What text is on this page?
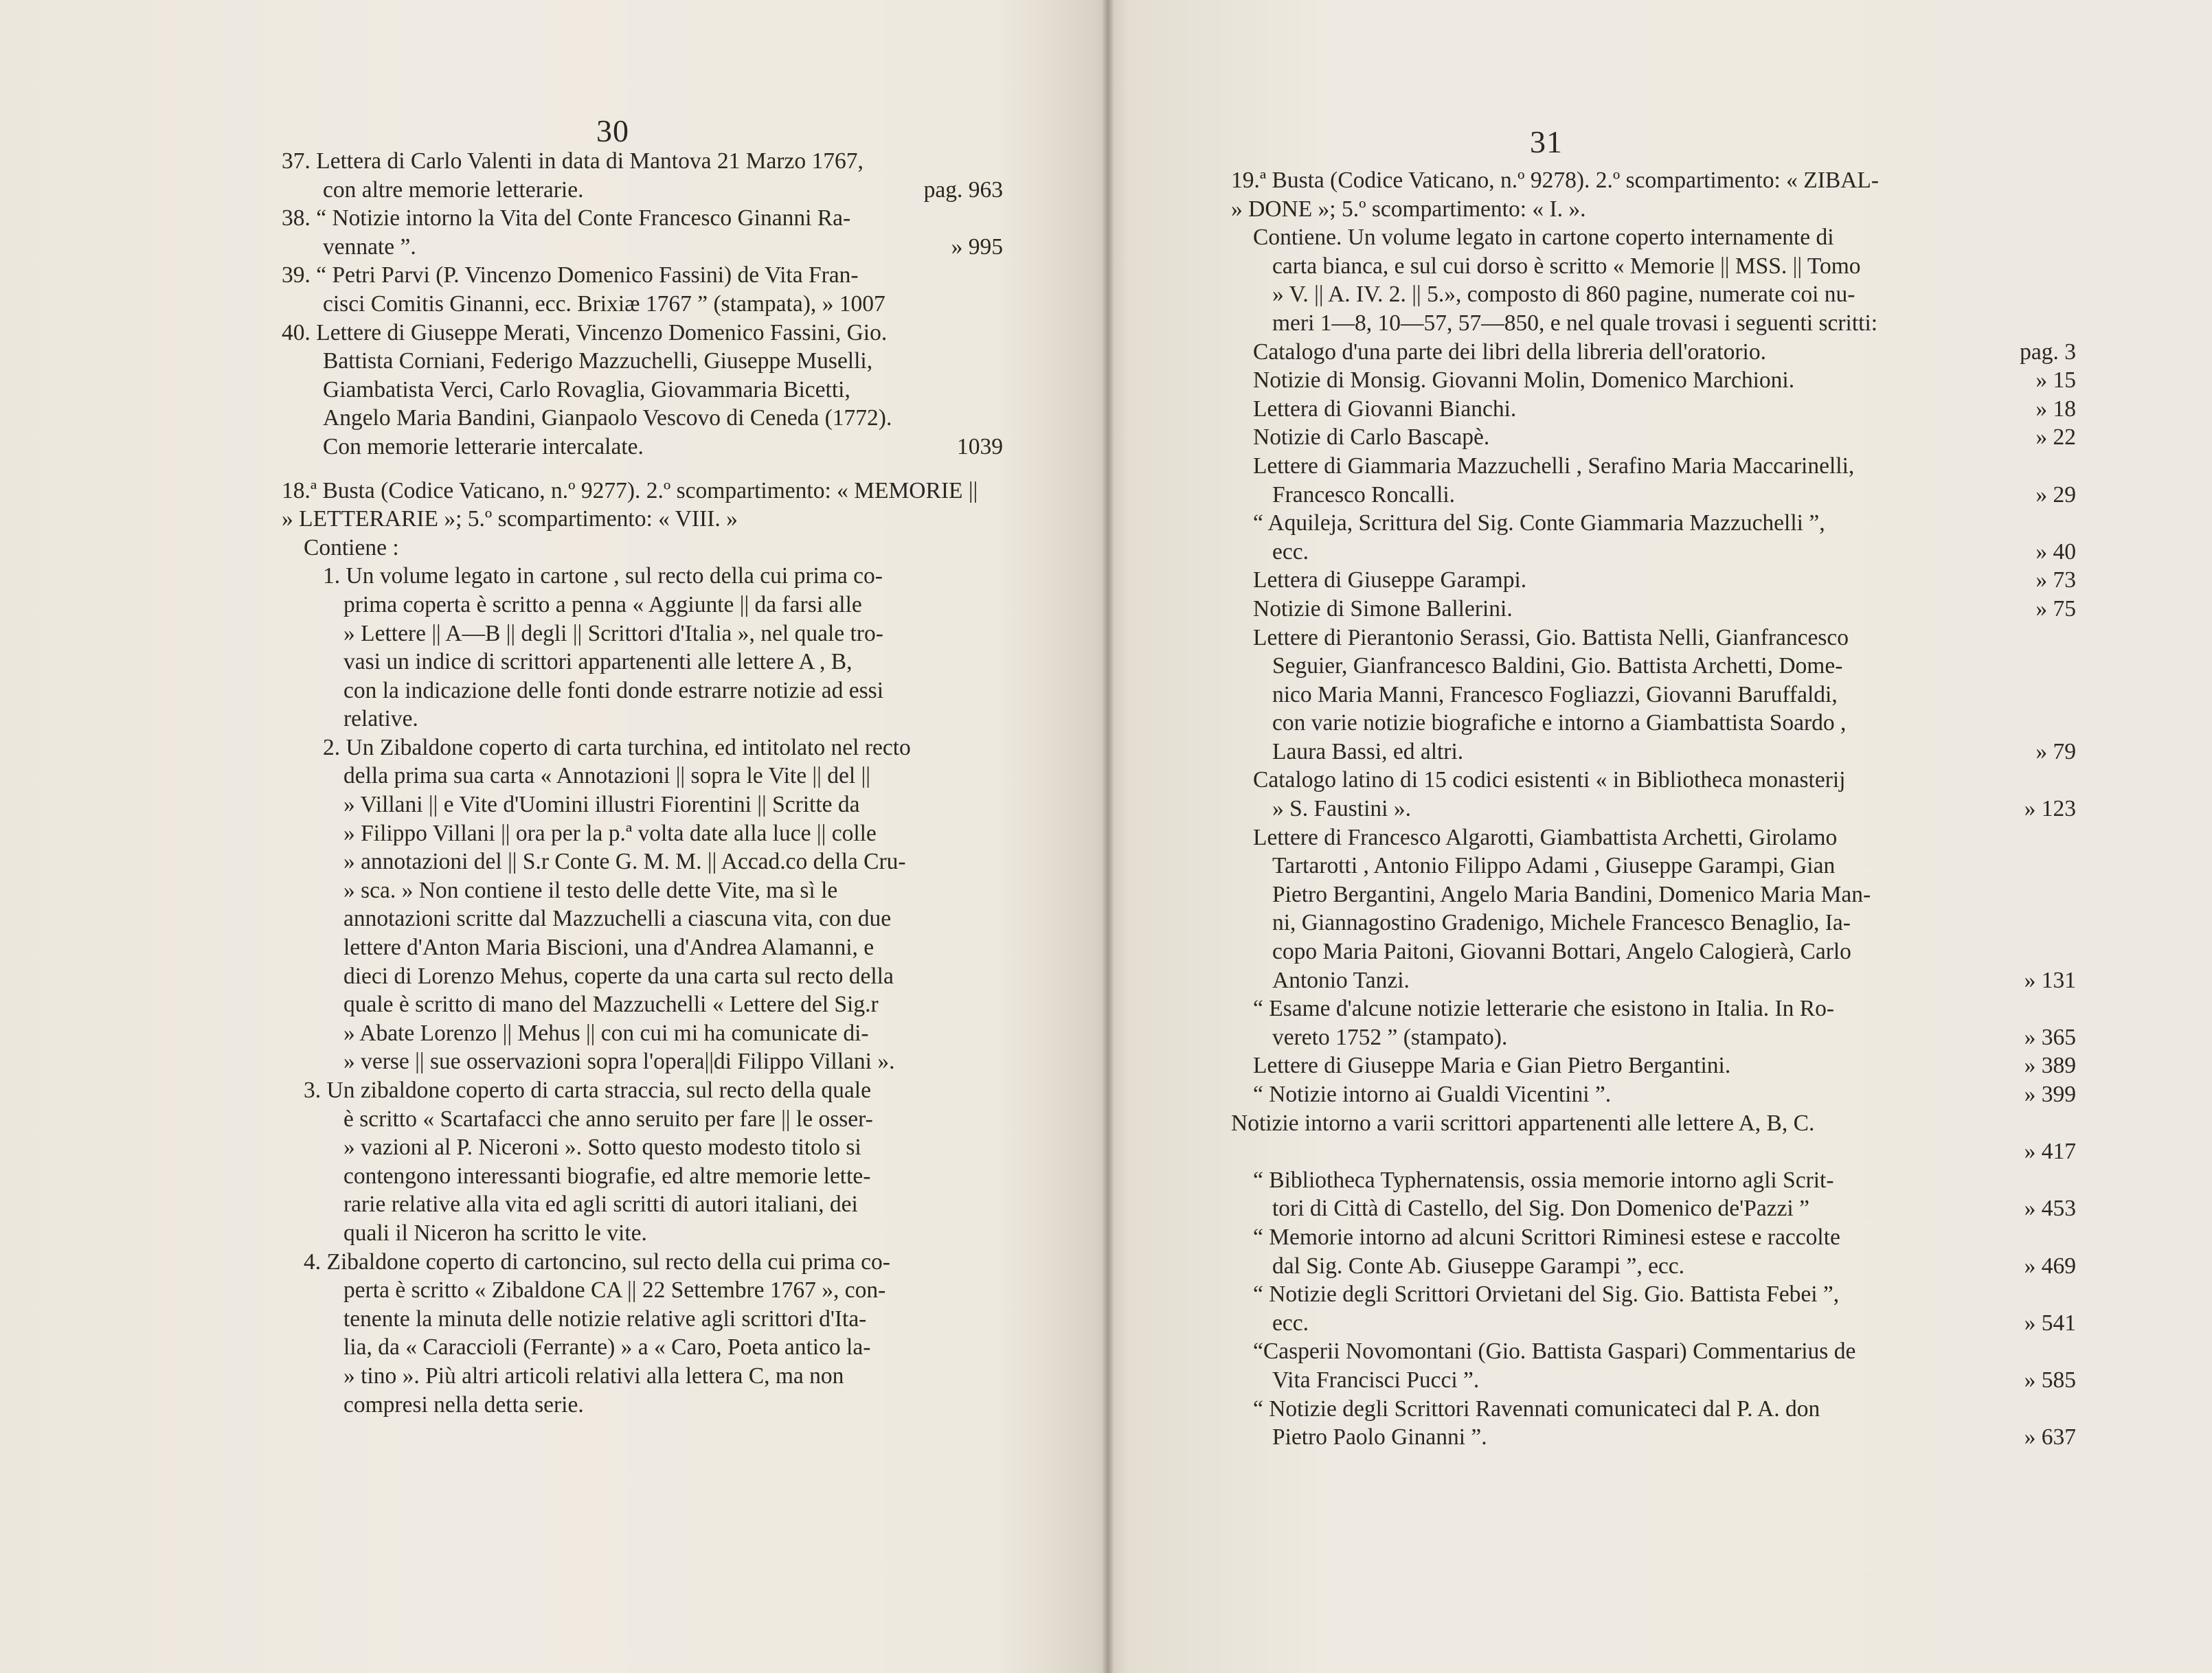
30
37. Lettera di Carlo Valenti in data di Mantova 21 Marzo 1767,
con altre memorie letterarie.	pag. 963
38. “ Notizie intorno la Vita del Conte Francesco Ginanni Ra-
vennate ”.	» 995
39. “ Petri Parvi (P. Vincenzo Domenico Fassini) de Vita Fran-
cisci Comitis Ginanni, ecc. Brixiæ 1767 ” (stampata), » 1007
40. Lettere di Giuseppe Merati, Vincenzo Domenico Fassini, Gio.
Battista Corniani, Federigo Mazzuchelli, Giuseppe Muselli,
Giambatista Verci, Carlo Rovaglia, Giovammaria Bicetti,
Angelo Maria Bandini, Gianpaolo Vescovo di Ceneda (1772).
Con memorie letterarie intercalate.	1039
18.ª Busta (Codice Vaticano, n.º 9277). 2.º scompartimento: « MEMORIE ||
» LETTERARIE »; 5.º scompartimento: « VIII. »
Contiene :
1. Un volume legato in cartone , sul recto della cui prima co-
prima coperta è scritto a penna « Aggiunte || da farsi alle
» Lettere || A—B || degli || Scrittori d'Italia », nel quale tro-
vasi un indice di scrittori appartenenti alle lettere A , B,
con la indicazione delle fonti donde estrarre notizie ad essi
relative.
2. Un Zibaldone coperto di carta turchina, ed intitolato nel recto
della prima sua carta « Annotazioni || sopra le Vite || del ||
» Villani || e Vite d'Uomini illustri Fiorentini || Scritte da
» Filippo Villani || ora per la p.ª volta date alla luce || colle
» annotazioni del || S.r Conte G. M. M. || Accad.co della Cru-
» sca. » Non contiene il testo delle dette Vite, ma sì le
annotazioni scritte dal Mazzuchelli a ciascuna vita, con due
lettere d'Anton Maria Biscioni, una d'Andrea Alamanni, e
dieci di Lorenzo Mehus, coperte da una carta sul recto della
quale è scritto di mano del Mazzuchelli « Lettere del Sig.r
» Abate Lorenzo || Mehus || con cui mi ha comunicate di-
» verse || sue osservazioni sopra l'opera||di Filippo Villani ».
3. Un zibaldone coperto di carta straccia, sul recto della quale
è scritto « Scartafacci che anno seruito per fare || le osser-
» vazioni al P. Niceroni ». Sotto questo modesto titolo si
contengono interessanti biografie, ed altre memorie lette-
rarie relative alla vita ed agli scritti di autori italiani, dei
quali il Niceron ha scritto le vite.
4. Zibaldone coperto di cartoncino, sul recto della cui prima co-
perta è scritto « Zibaldone CA || 22 Settembre 1767 », con-
tenente la minuta delle notizie relative agli scrittori d'Ita-
lia, da « Caraccioli (Ferrante) » a « Caro, Poeta antico la-
» tino ». Più altri articoli relativi alla lettera C, ma non
compresi nella detta serie.
31
19.ª Busta (Codice Vaticano, n.º 9278). 2.º scompartimento: « ZIBAL-
» DONE »; 5.º scompartimento: « I. ».
Contiene. Un volume legato in cartone coperto internamente di
carta bianca, e sul cui dorso è scritto « Memorie || MSS. || Tomo
» V. || A. IV. 2. || 5.», composto di 860 pagine, numerate coi nu-
meri 1—8, 10—57, 57—850, e nel quale trovasi i seguenti scritti:
Catalogo d'una parte dei libri della libreria dell'oratorio.	pag. 3
Notizie di Monsig. Giovanni Molin, Domenico Marchioni.	» 15
Lettera di Giovanni Bianchi.	» 18
Notizie di Carlo Bascapè.	» 22
Lettere di Giammaria Mazzuchelli , Serafino Maria Maccarinelli,
Francesco Roncalli.	» 29
“ Aquileja, Scrittura del Sig. Conte Giammaria Mazzuchelli ”,
ecc.	» 40
Lettera di Giuseppe Garampi.	» 73
Notizie di Simone Ballerini.	» 75
Lettere di Pierantonio Serassi, Gio. Battista Nelli, Gianfrancesco
Seguier, Gianfrancesco Baldini, Gio. Battista Archetti, Dome-
nico Maria Manni, Francesco Fogliazzi, Giovanni Baruffaldi,
con varie notizie biografiche e intorno a Giambattista Soardo ,
Laura Bassi, ed altri.	» 79
Catalogo latino di 15 codici esistenti « in Bibliotheca monasterij
» S. Faustini ».	» 123
Lettere di Francesco Algarotti, Giambattista Archetti, Girolamo
Tartarotti , Antonio Filippo Adami , Giuseppe Garampi, Gian
Pietro Bergantini, Angelo Maria Bandini, Domenico Maria Man-
ni, Giannagostino Gradenigo, Michele Francesco Benaglio, Ia-
copo Maria Paitoni, Giovanni Bottari, Angelo Calogierà, Carlo
Antonio Tanzi.	» 131
“ Esame d'alcune notizie letterarie che esistono in Italia. In Ro-
vereto 1752 ” (stampato).	» 365
Lettere di Giuseppe Maria e Gian Pietro Bergantini.	» 389
“ Notizie intorno ai Gualdi Vicentini ”.	» 399
Notizie intorno a varii scrittori appartenenti alle lettere A, B, C.
» 417
“ Bibliotheca Typhernatensis, ossia memorie intorno agli Scrit-
tori di Città di Castello, del Sig. Don Domenico de'Pazzi ”	» 453
“ Memorie intorno ad alcuni Scrittori Riminesi estese e raccolte
dal Sig. Conte Ab. Giuseppe Garampi ”, ecc.	» 469
“ Notizie degli Scrittori Orvietani del Sig. Gio. Battista Febei ”,
ecc.	» 541
“Casperii Novomontani (Gio. Battista Gaspari) Commentarius de
Vita Francisci Pucci ”.	» 585
“ Notizie degli Scrittori Ravennati comunicateci dal P. A. don
Pietro Paolo Ginanni ”.	» 637
